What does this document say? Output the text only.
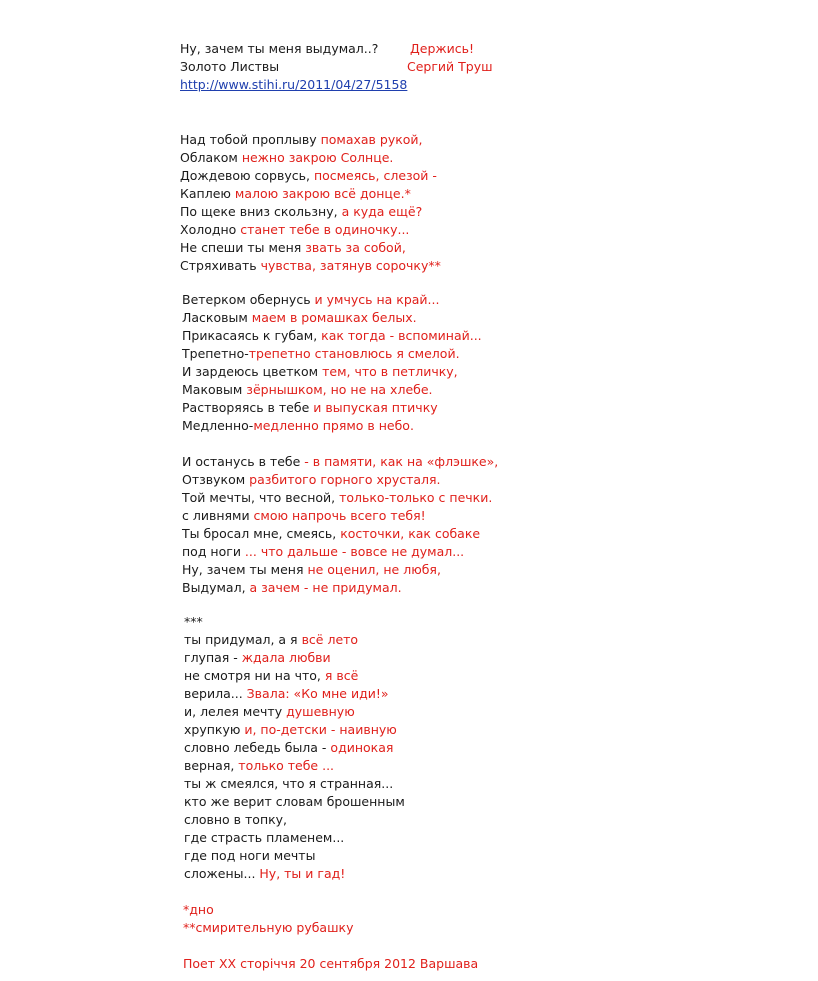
Ну, зачем ты меня выдумал..?	Держись!
Золото Листвы	Сергий Труш
http://www.stihi.ru/2011/04/27/5158
Над тобой проплыву помахав рукой,
Облаком нежно закрою Солнце.
Дождевою сорвусь, посмеясь, слезой -
Каплею малою закрою всё донце.*
По щеке вниз скользну, а куда ещё?
Холодно станет тебе в одиночку...
Не спеши ты меня звать за собой,
Стряхивать чувства, затянув сорочку**
Ветерком обернусь и умчусь на край...
Ласковым маем в ромашках белых.
Прикасаясь к губам, как тогда - вспоминай...
Трепетно-трепетно становлюсь я смелой.
И зардеюсь цветком тем, что в петличку,
Маковым зёрнышком, но не на хлебе.
Растворяясь в тебе и выпуская птичку
Медленно-медленно прямо в небо.
И останусь в тебе - в памяти, как на «флэшке»,
Отзвуком разбитого горного хрусталя.
Той мечты, что весной, только-только с печки.
с ливнями смою напрочь всего тебя!
Ты бросал мне, смеясь, косточки, как собаке
под ноги ... что дальше - вовсе не думал...
Ну, зачем ты меня не оценил, не любя,
Выдумал, а зачем - не придумал.
***
ты придумал, а я всё лето
глупая - ждала любви
не смотря ни на что, я всё
верила... Звала: «Ко мне иди!»
и, лелея мечту душевную
хрупкую и, по-детски - наивную
словно лебедь была - одинокая
верная, только тебе ...
ты ж смеялся, что я странная...
кто же верит словам брошенным
словно в топку,
где страсть пламенем...
где под ноги мечты
сложены... Ну, ты и гад!
*дно
**смирительную рубашку
Поет XX сторіччя 20 сентября 2012 Варшава
